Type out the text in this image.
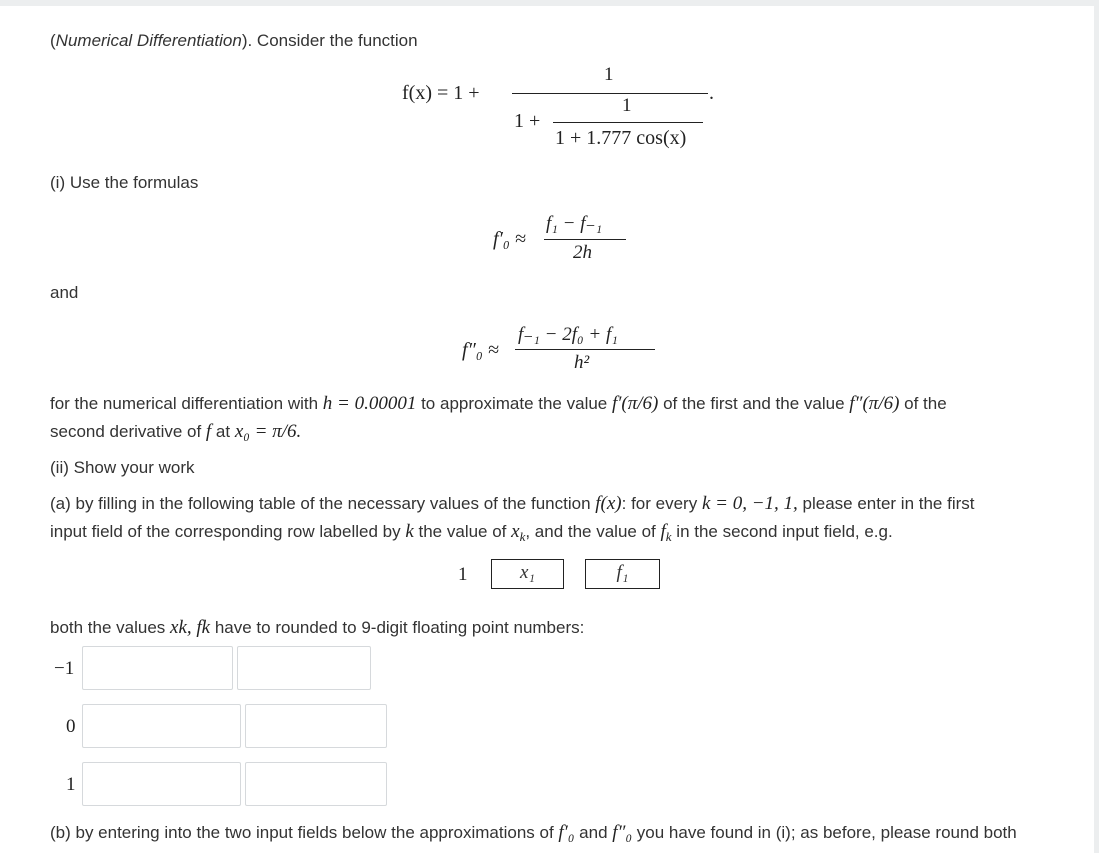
(Numerical Differentiation). Consider the function
f(x) = 1 +
1
.
1 +
1
1 + 1.777 cos(x)
(i) Use the formulas
f′₀ ≈
f₁ − f₋₁
2h
and
f″₀ ≈
f₋₁ − 2f₀ + f₁
h²
for the numerical differentiation with h = 0.00001 to approximate the value f′(π/6) of the first and the value f″(π/6) of the
second derivative of f at x₀ = π/6.
(ii) Show your work
(a) by filling in the following table of the necessary values of the function f(x): for every k = 0, −1, 1, please enter in the first
input field of the corresponding row labelled by k the value of $x_k$, and the value of $f_k$ in the second input field, e.g.
1	x₁	f₁
both the values xk, fk have to rounded to 9-digit floating point numbers:
−1
0
1
(b) by entering into the two input fields below the approximations of f′₀ and f″₀ you have found in (i); as before, please round both
